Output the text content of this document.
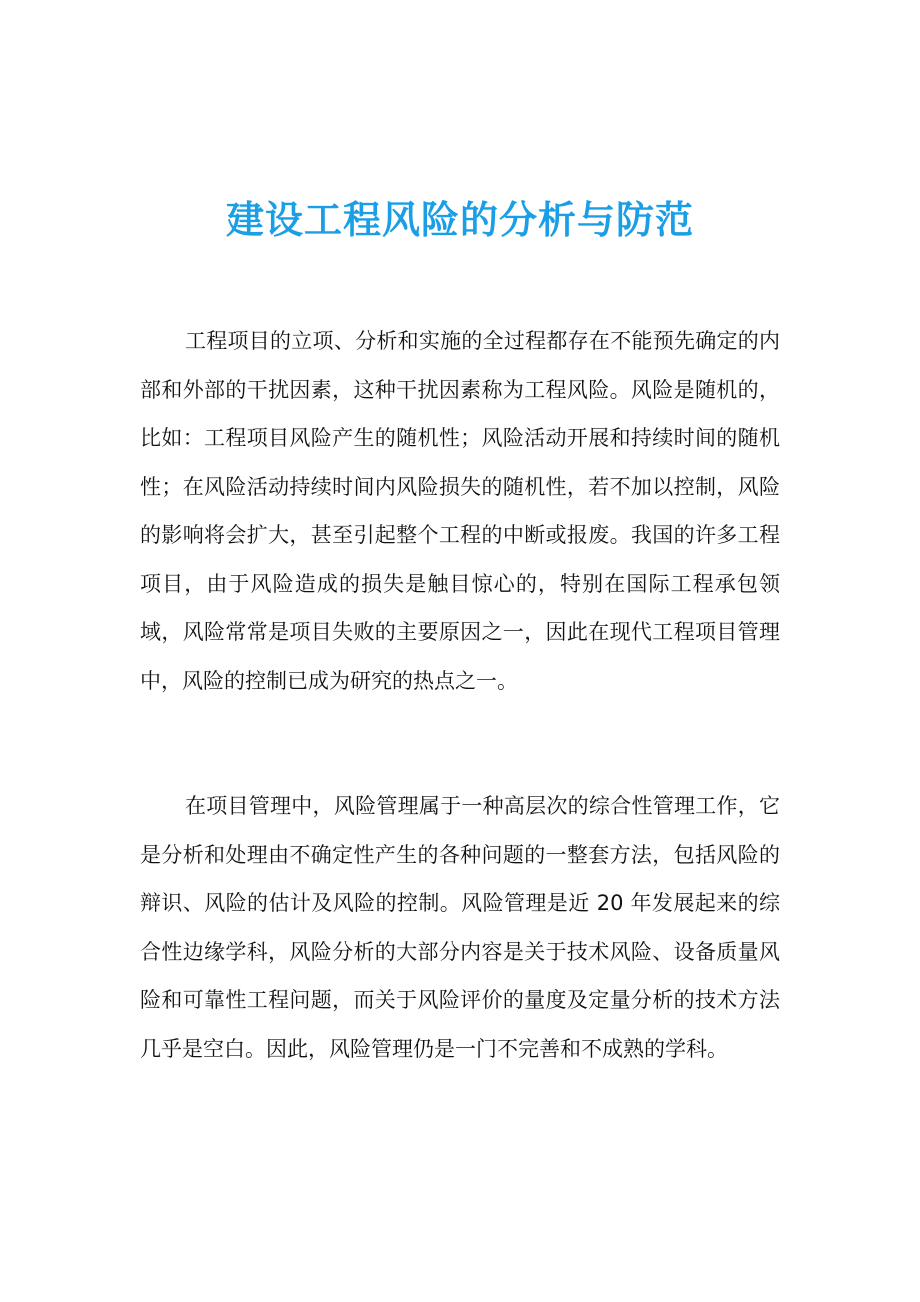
建设工程风险的分析与防范

工程项目的立项、分析和实施的全过程都存在不能预先确定的内部和外部的干扰因素，这种干扰因素称为工程风险。风险是随机的，比如：工程项目风险产生的随机性；风险活动开展和持续时间的随机性；在风险活动持续时间内风险损失的随机性，若不加以控制，风险的影响将会扩大，甚至引起整个工程的中断或报废。我国的许多工程项目，由于风险造成的损失是触目惊心的，特别在国际工程承包领域，风险常常是项目失败的主要原因之一，因此在现代工程项目管理中，风险的控制已成为研究的热点之一。

在项目管理中，风险管理属于一种高层次的综合性管理工作，它是分析和处理由不确定性产生的各种问题的一整套方法，包括风险的辩识、风险的估计及风险的控制。风险管理是近 20 年发展起来的综合性边缘学科，风险分析的大部分内容是关于技术风险、设备质量风险和可靠性工程问题，而关于风险评价的量度及定量分析的技术方法几乎是空白。因此，风险管理仍是一门不完善和不成熟的学科。
